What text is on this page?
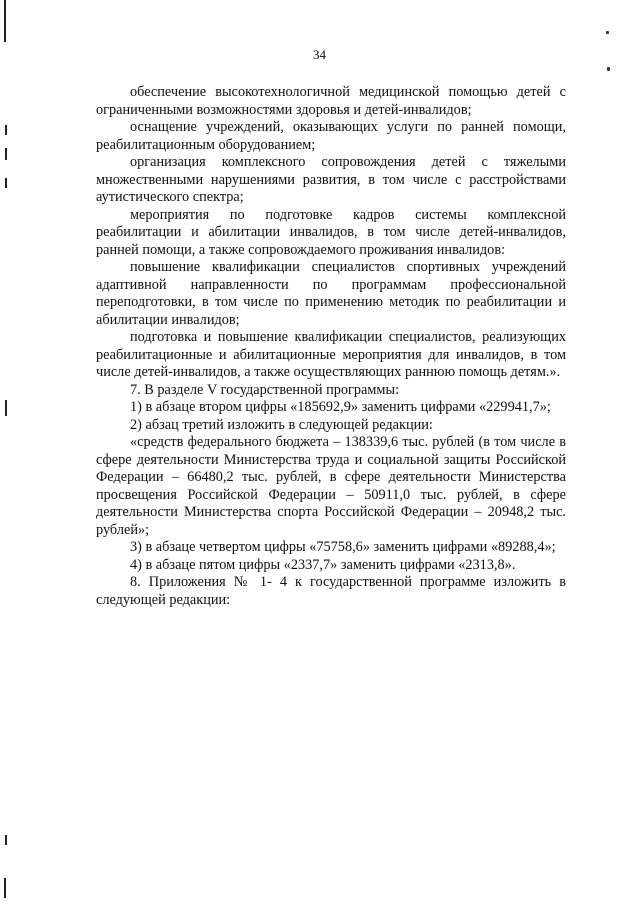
34

обеспечение высокотехнологичной медицинской помощью детей с ограниченными возможностями здоровья и детей-инвалидов;

оснащение учреждений, оказывающих услуги по ранней помощи, реабилитационным оборудованием;

организация комплексного сопровождения детей с тяжелыми множественными нарушениями развития, в том числе с расстройствами аутистического спектра;

мероприятия по подготовке кадров системы комплексной реабилитации и абилитации инвалидов, в том числе детей-инвалидов, ранней помощи, а также сопровождаемого проживания инвалидов:

повышение квалификации специалистов спортивных учреждений адаптивной направленности по программам профессиональной переподготовки, в том числе по применению методик по реабилитации и абилитации инвалидов;

подготовка и повышение квалификации специалистов, реализующих реабилитационные и абилитационные мероприятия для инвалидов, в том числе детей-инвалидов, а также осуществляющих раннюю помощь детям.».

7. В разделе V государственной программы:

1) в абзаце втором цифры «185692,9» заменить цифрами «229941,7»;

2) абзац третий изложить в следующей редакции:

«средств федерального бюджета – 138339,6 тыс. рублей (в том числе в сфере деятельности Министерства труда и социальной защиты Российской Федерации – 66480,2 тыс. рублей, в сфере деятельности Министерства просвещения Российской Федерации – 50911,0 тыс. рублей, в сфере деятельности Министерства спорта Российской Федерации – 20948,2 тыс. рублей»;

3) в абзаце четвертом цифры «75758,6» заменить цифрами «89288,4»;

4) в абзаце пятом цифры «2337,7» заменить цифрами «2313,8».

8. Приложения № 1- 4 к государственной программе изложить в следующей редакции:
